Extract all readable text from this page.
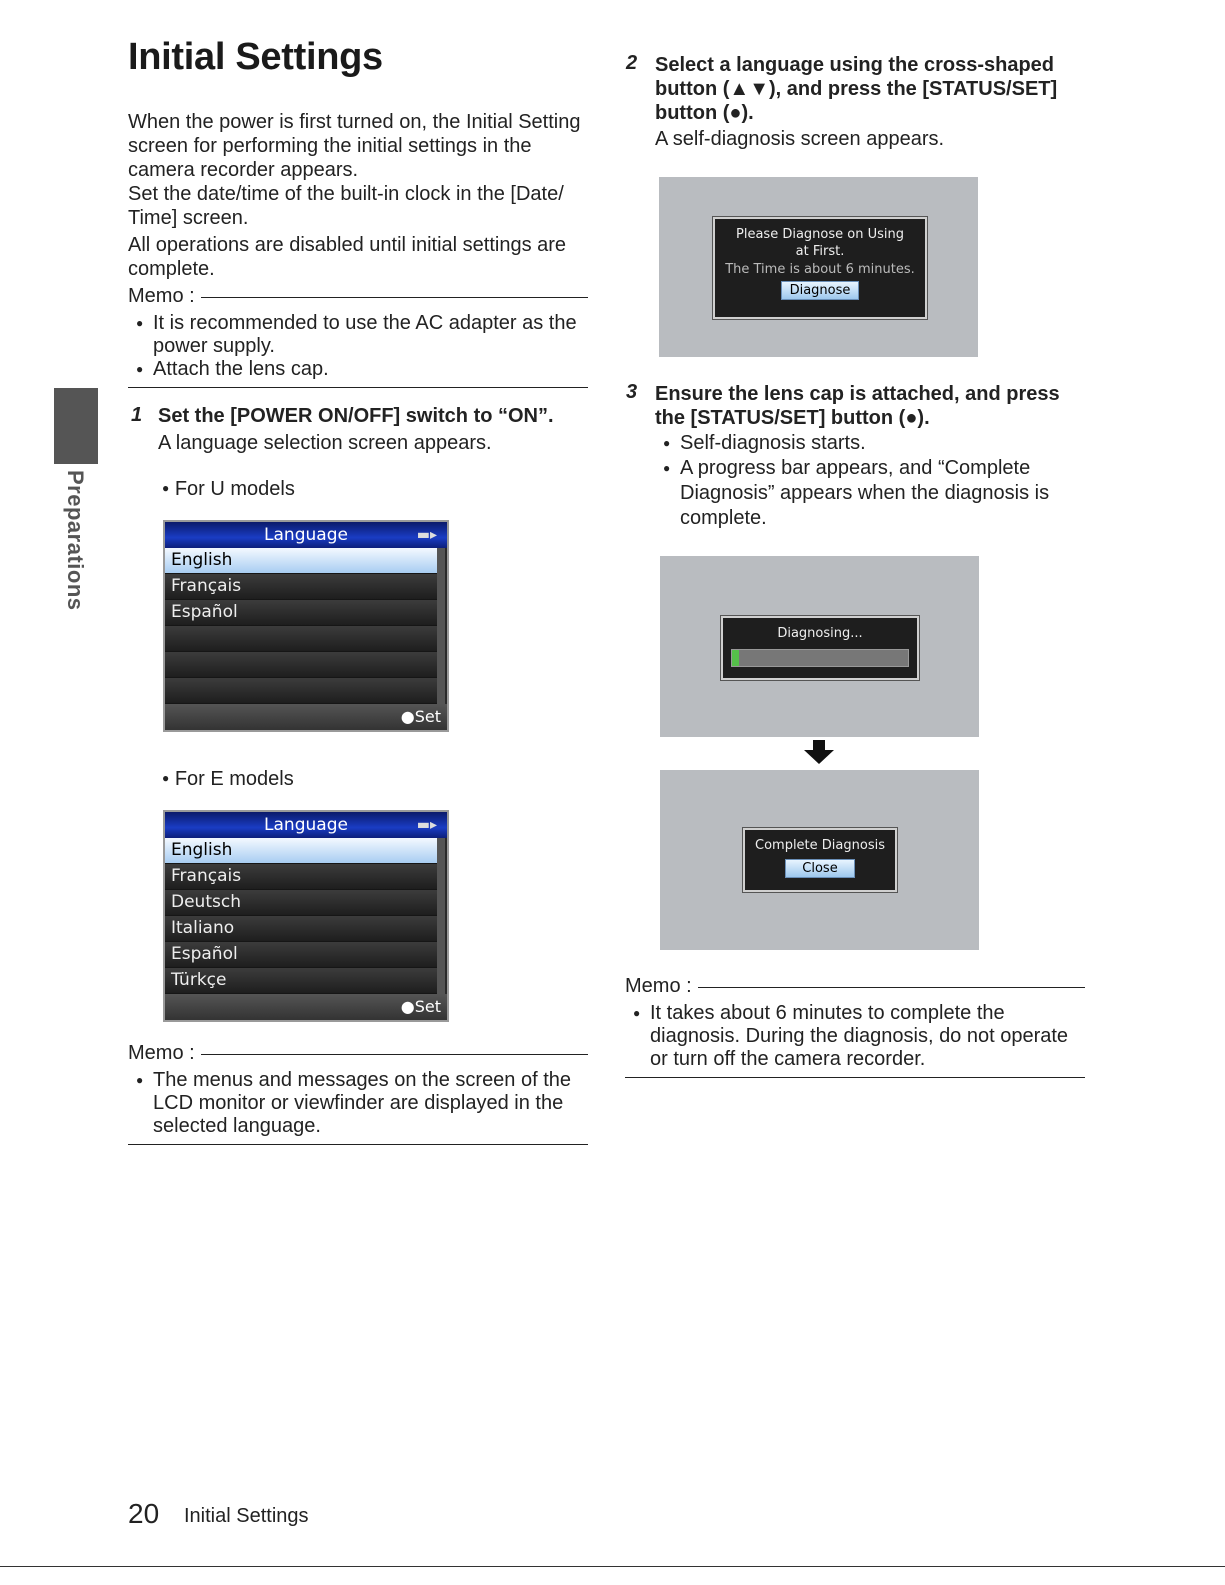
Initial Settings
When the power is first turned on, the Initial Setting
screen for performing the initial settings in the
camera recorder appears.
Set the date/time of the built-in clock in the [Date/
Time] screen.
All operations are disabled until initial settings are
complete.
Memo :
● It is recommended to use the AC adapter as the power supply.
● Attach the lens cap.
Preparations
1 Set the [POWER ON/OFF] switch to “ON”.
A language selection screen appears.
● For U models
Language	▬▸
English
Français
Español
●Set
● For E models
Language	▬▸
English
Français
Deutsch
Italiano
Español
Türkçe
●Set
Memo :
● The menus and messages on the screen of the LCD monitor or viewfinder are displayed in the selected language.
2 Select a language using the cross-shaped
button (▲▼), and press the [STATUS/SET]
button (●).
A self-diagnosis screen appears.
Please Diagnose on Using
at First.
The Time is about 6 minutes.
Diagnose
3 Ensure the lens cap is attached, and press
the [STATUS/SET] button (●).
● Self-diagnosis starts.
● A progress bar appears, and “Complete Diagnosis” appears when the diagnosis is complete.
Diagnosing...
Complete Diagnosis
Close
Memo :
● It takes about 6 minutes to complete the diagnosis. During the diagnosis, do not operate or turn off the camera recorder.
20 Initial Settings
